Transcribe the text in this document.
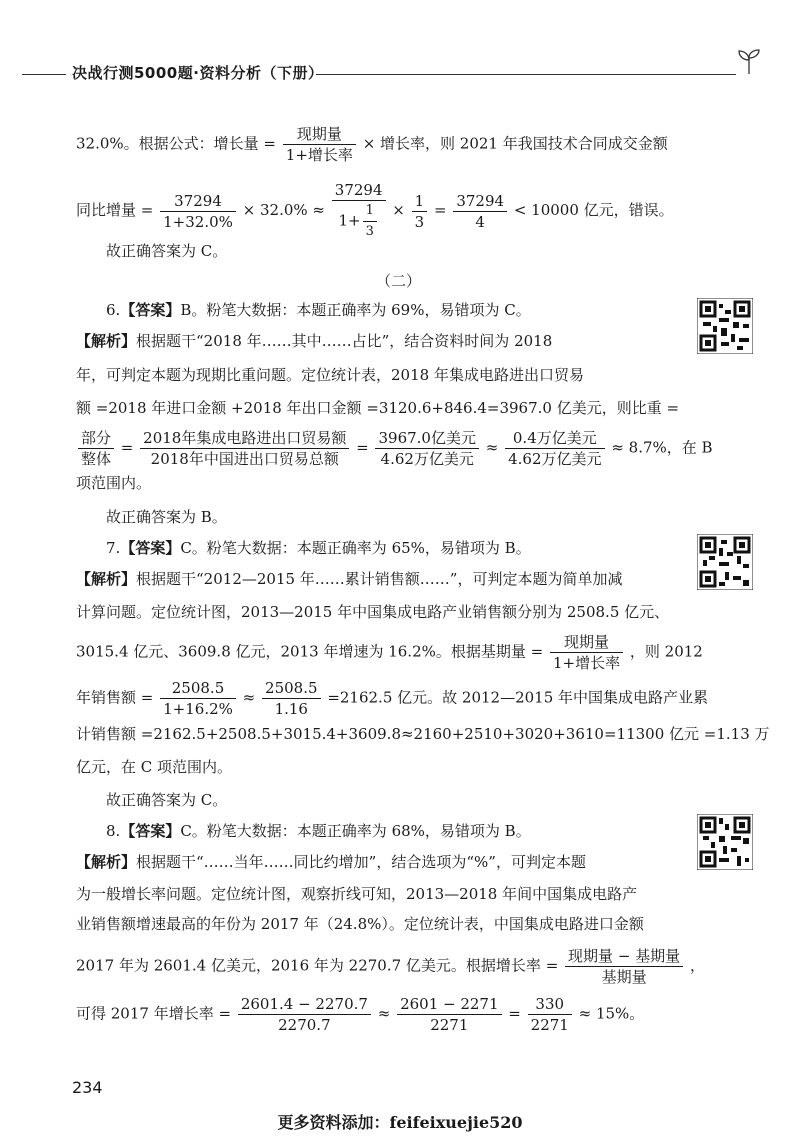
决战行测5000题·资料分析（下册）
32.0%。根据公式：增长量 = $\frac{\text{现期量}}{\text{1+增长率}}$ × 增长率，则 2021 年我国技术合同成交金额
同比增量 = $\frac{37294}{1+32.0\%} \times 32.0\% \approx \frac{37294}{1+ \frac{1}{3}} \times \frac{1}{3} = \frac{37294}{4} < 10000$ 亿元，错误。
故正确答案为 C。
（二）
6.【答案】B。粉笔大数据：本题正确率为 69%，易错项为 C。
【解析】根据题干“2018 年……其中……占比”，结合资料时间为 2018
年，可判定本题为现期比重问题。定位统计表，2018 年集成电路进出口贸易
额 =2018 年进口金额 +2018 年出口金额 =3120.6+846.4=3967.0 亿美元，则比重 =
$\frac{\text{部分}}{\text{整体}} = \frac{\text{2018年集成电路进出口贸易额}}{\text{2018年中国进出口贸易总额}} = \frac{\text{3967.0亿美元}}{\text{4.62万亿美元}} \approx \frac{\text{0.4万亿美元}}{\text{4.62万亿美元}} \approx 8.7\%$，在 B
项范围内。
故正确答案为 B。
7.【答案】C。粉笔大数据：本题正确率为 65%，易错项为 B。
【解析】根据题干“2012—2015 年……累计销售额……”，可判定本题为简单加减
计算问题。定位统计图，2013—2015 年中国集成电路产业销售额分别为 2508.5 亿元、
3015.4 亿元、3609.8 亿元，2013 年增速为 16.2%。根据基期量 = $\frac{\text{现期量}}{\text{1+增长率}}$ ，则 2012
年销售额 = $\frac{2508.5}{1+16.2\%} \approx \frac{2508.5}{1.16} =2162.5$ 亿元。故 2012—2015 年中国集成电路产业累
计销售额 =2162.5+2508.5+3015.4+3609.8≈2160+2510+3020+3610=11300 亿元 =1.13 万
亿元，在 C 项范围内。
故正确答案为 C。
8.【答案】C。粉笔大数据：本题正确率为 68%，易错项为 B。
【解析】根据题干“……当年……同比约增加”，结合选项为“%”，可判定本题
为一般增长率问题。定位统计图，观察折线可知，2013—2018 年间中国集成电路产
业销售额增速最高的年份为 2017 年（24.8%）。定位统计表，中国集成电路进口金额
2017 年为 2601.4 亿美元，2016 年为 2270.7 亿美元。根据增长率 = $\frac{\text{现期量 − 基期量}}{\text{基期量}}$ ，
可得 2017 年增长率 = $\frac{2601.4 - 2270.7}{2270.7} \approx \frac{2601 - 2271}{2271} = \frac{330}{2271} \approx 15\%$。
234
更多资料添加：feifeixuejie520
